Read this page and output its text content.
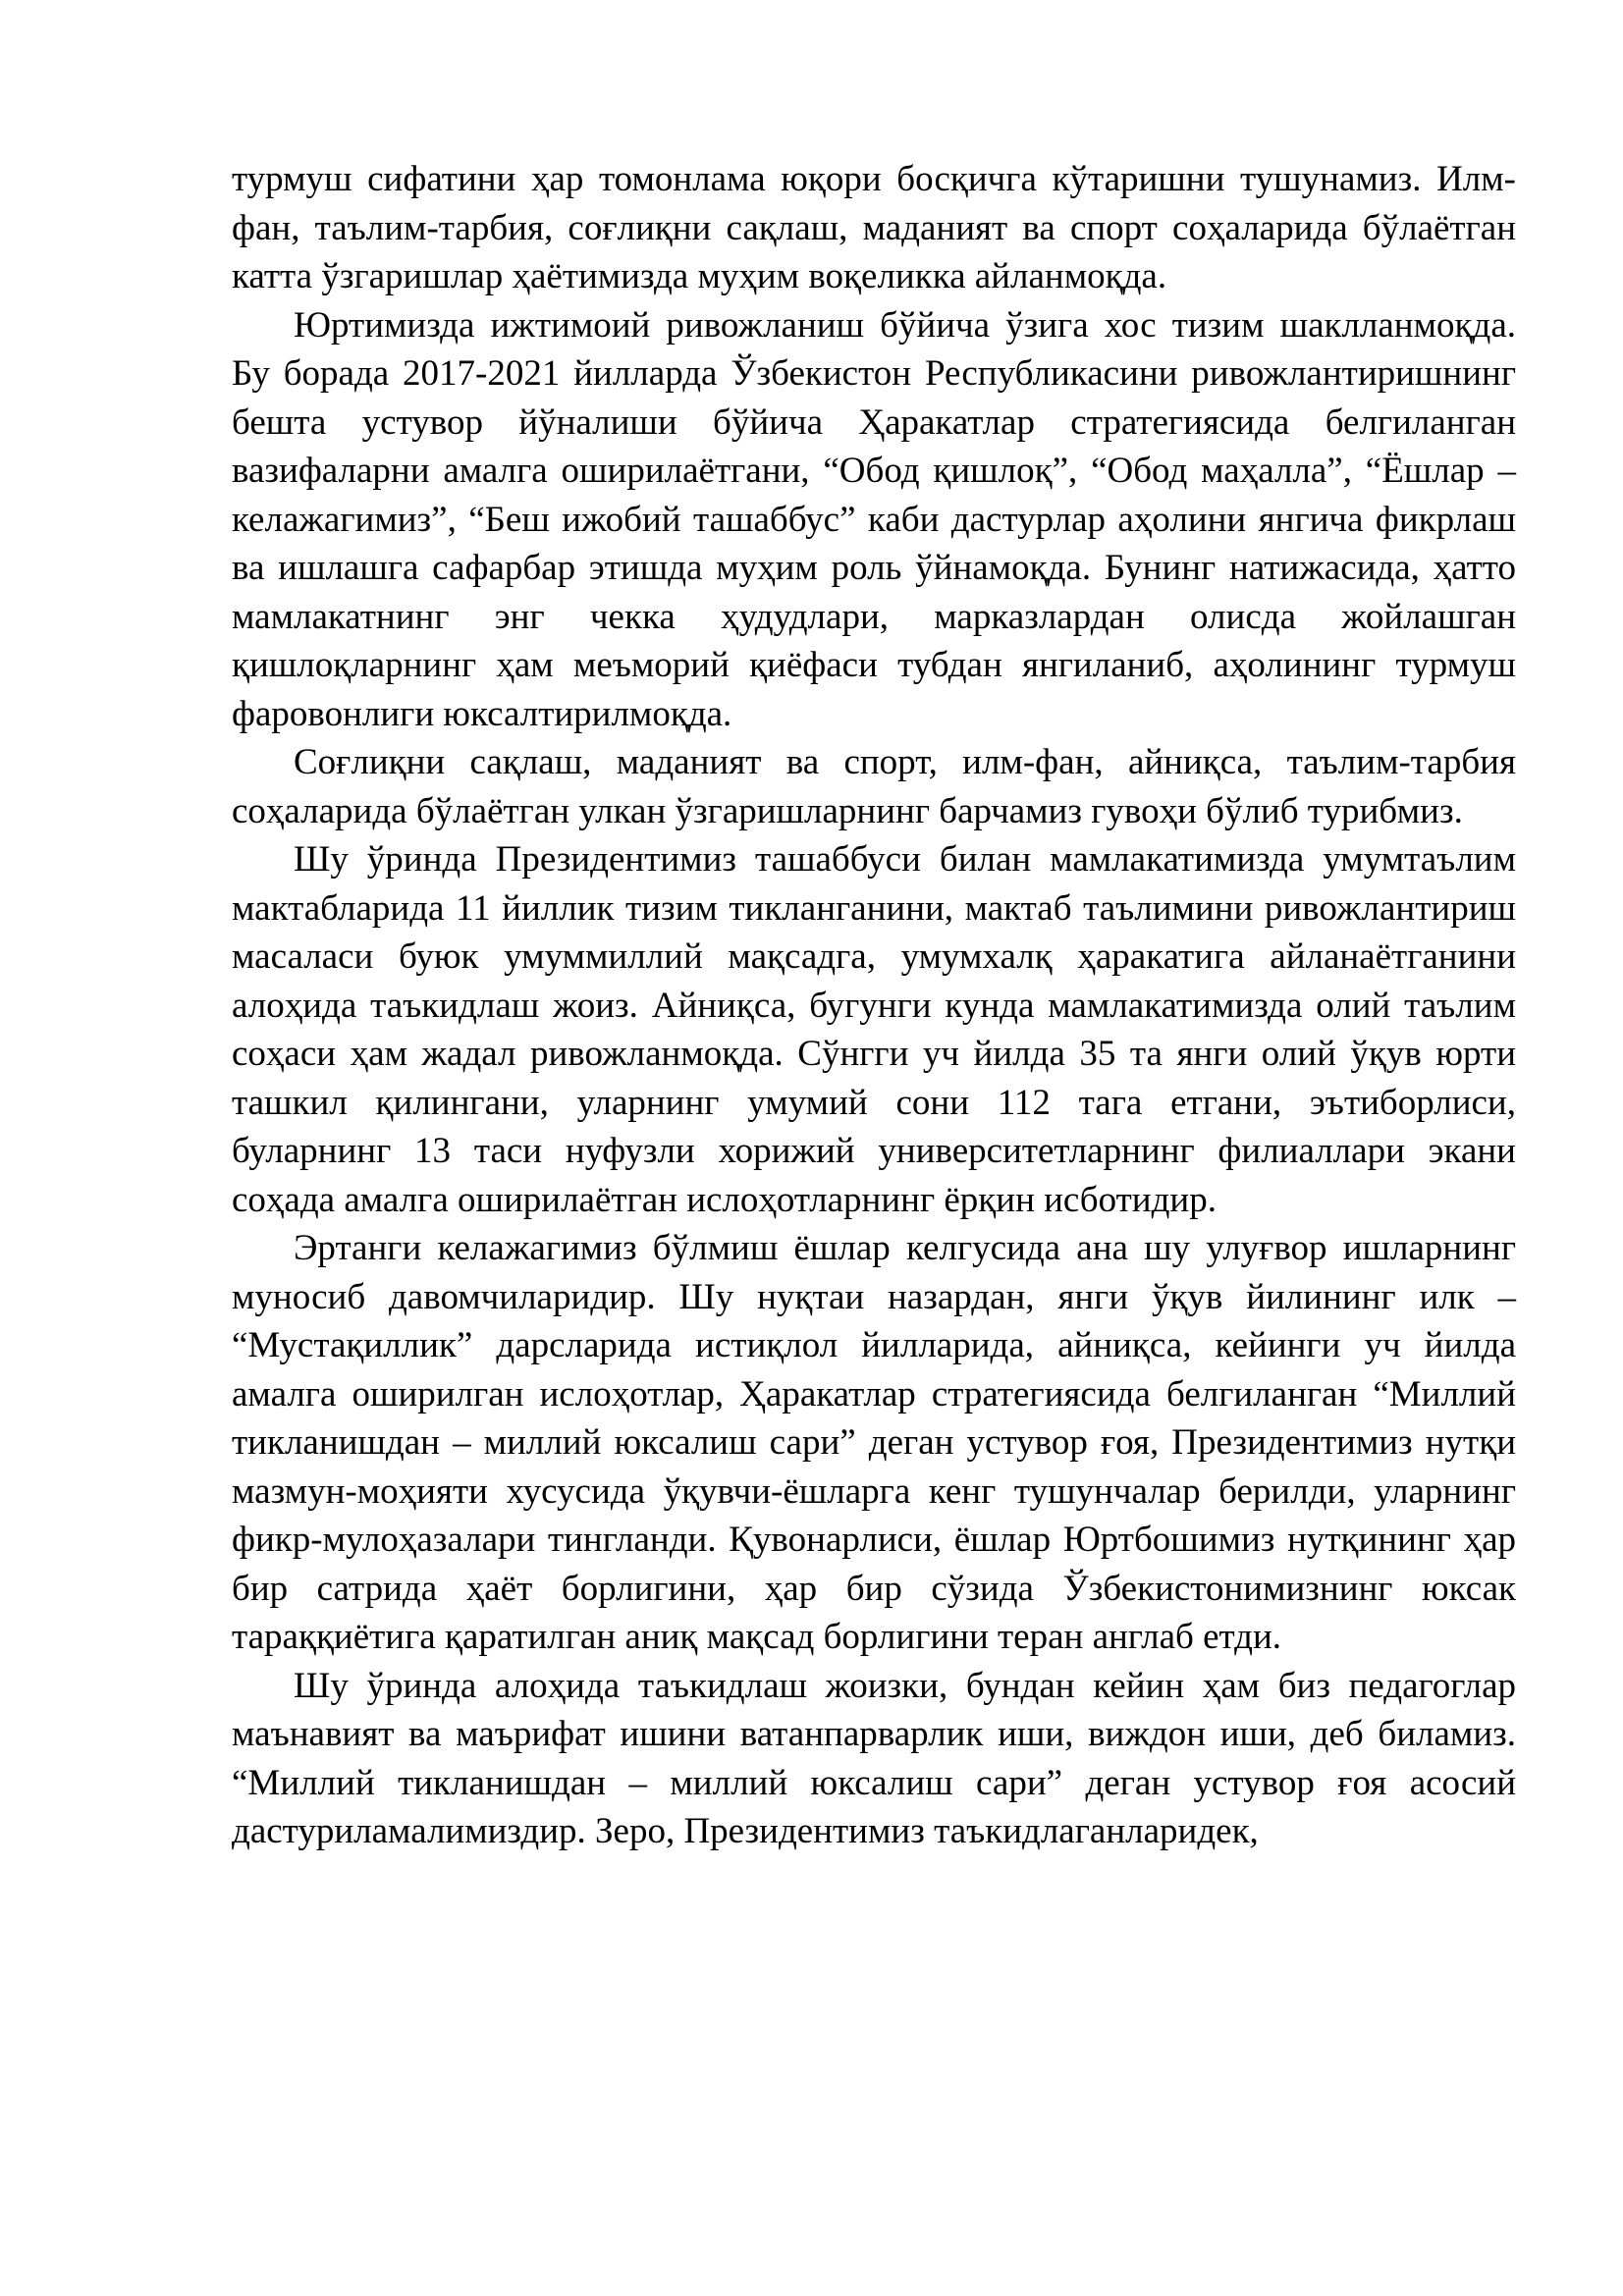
турмуш сифатини ҳар томонлама юқори босқичга кўтаришни тушунамиз. Илм-фан, таълим-тарбия, соғлиқни сақлаш, маданият ва спорт соҳаларида бўлаётган катта ўзгаришлар ҳаётимизда муҳим воқеликка айланмоқда.

Юртимизда ижтимоий ривожланиш бўйича ўзига хос тизим шаклланмоқда. Бу борада 2017-2021 йилларда Ўзбекистон Республикасини ривожлантиришнинг бешта устувор йўналиши бўйича Ҳаракатлар стратегиясида белгиланган вазифаларни амалга оширилаётгани, “Обод қишлоқ”, “Обод маҳалла”, “Ёшлар – келажагимиз”, “Беш ижобий ташаббус” каби дастурлар аҳолини янгича фикрлаш ва ишлашга сафарбар этишда муҳим роль ўйнамоқда. Бунинг натижасида, ҳатто мамлакатнинг энг чекка ҳудудлари, марказлардан олисда жойлашган қишлоқларнинг ҳам меъморий қиёфаси тубдан янгиланиб, аҳолининг турмуш фаровонлиги юксалтирилмоқда.

Соғлиқни сақлаш, маданият ва спорт, илм-фан, айниқса, таълим-тарбия соҳаларида бўлаётган улкан ўзгаришларнинг барчамиз гувоҳи бўлиб турибмиз.

Шу ўринда Президентимиз ташаббуси билан мамлакатимизда умумтаълим мактабларида 11 йиллик тизим тикланганини, мактаб таълимини ривожлантириш масаласи буюк умуммиллий мақсадга, умумхалқ ҳаракатига айланаётганини алоҳида таъкидлаш жоиз. Айниқса, бугунги кунда мамлакатимизда олий таълим соҳаси ҳам жадал ривожланмоқда. Сўнгги уч йилда 35 та янги олий ўқув юрти ташкил қилингани, уларнинг умумий сони 112 тага етгани, эътиборлиси, буларнинг 13 таси нуфузли хорижий университетларнинг филиаллари экани соҳада амалга оширилаётган ислоҳотларнинг ёрқин исботидир.

Эртанги келажагимиз бўлмиш ёшлар келгусида ана шу улуғвор ишларнинг муносиб давомчиларидир. Шу нуқтаи назардан, янги ўқув йилининг илк – “Мустақиллик” дарсларида истиқлол йилларида, айниқса, кейинги уч йилда амалга оширилган ислоҳотлар, Ҳаракатлар стратегиясида белгиланган “Миллий тикланишдан – миллий юксалиш сари” деган устувор ғоя, Президентимиз нутқи мазмун-моҳияти хусусида ўқувчи-ёшларга кенг тушунчалар берилди, уларнинг фикр-мулоҳазалари тингланди. Қувонарлиси, ёшлар Юртбошимиз нутқининг ҳар бир сатрида ҳаёт борлигини, ҳар бир сўзида Ўзбекистонимизнинг юксак тараққиётига қаратилган аниқ мақсад борлигини теран англаб етди.

Шу ўринда алоҳида таъкидлаш жоизки, бундан кейин ҳам биз педагоглар маънавият ва маърифат ишини ватанпарварлик иши, виждон иши, деб биламиз. “Миллий тикланишдан – миллий юксалиш сари” деган устувор ғоя асосий дастуриламалимиздир. Зеро, Президентимиз таъкидлаганларидек,
